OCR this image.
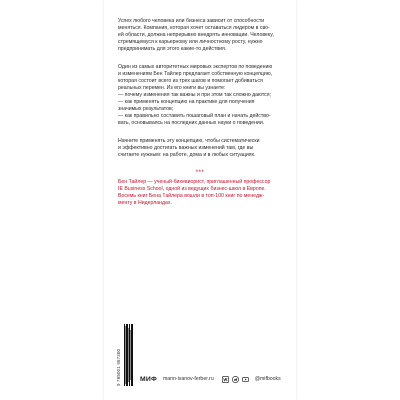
Успех любого человека или бизнеса зависит от способности
меняться. Компания, которая хочет оставаться лидером в сво-
ей области, должна непрерывно внедрять инновации. Человеку,
стремящемуся к карьерному или личностному росту, нужно
предпринимать для этого какие-то действия.

Один из самых авторитетных мировых экспертов по поведению
и изменениям Бен Тайлер предлагает собственную концепцию,
которая состоит всего из трех шагов и помогает добиваться
реальных перемен. Из его книги вы узнаете:
— почему изменения так важны и при этом так сложно даются;
— как применять концепцию на практике для получения
значимых результатов;
— как правильно составить пошаговый план и начать действо-
вать, основываясь на последних данных науки о поведении.

Начните применять эту концепцию, чтобы систематически
и эффективно достигать важных изменений там, где вы
считаете нужным: на работе, дома и в любых ситуациях.

***

Бен Тайлер — ученый-бихевиорист, приглашенный профессор
IE Business School, одной из ведущих бизнес-школ в Европе.
Восемь книг Бена Тайлера вошли в топ-100 книг по менедж-
менту в Нидерландах.

9 785001 957300	МИФ mann-ivanov-ferber.ru	@mifbooks
